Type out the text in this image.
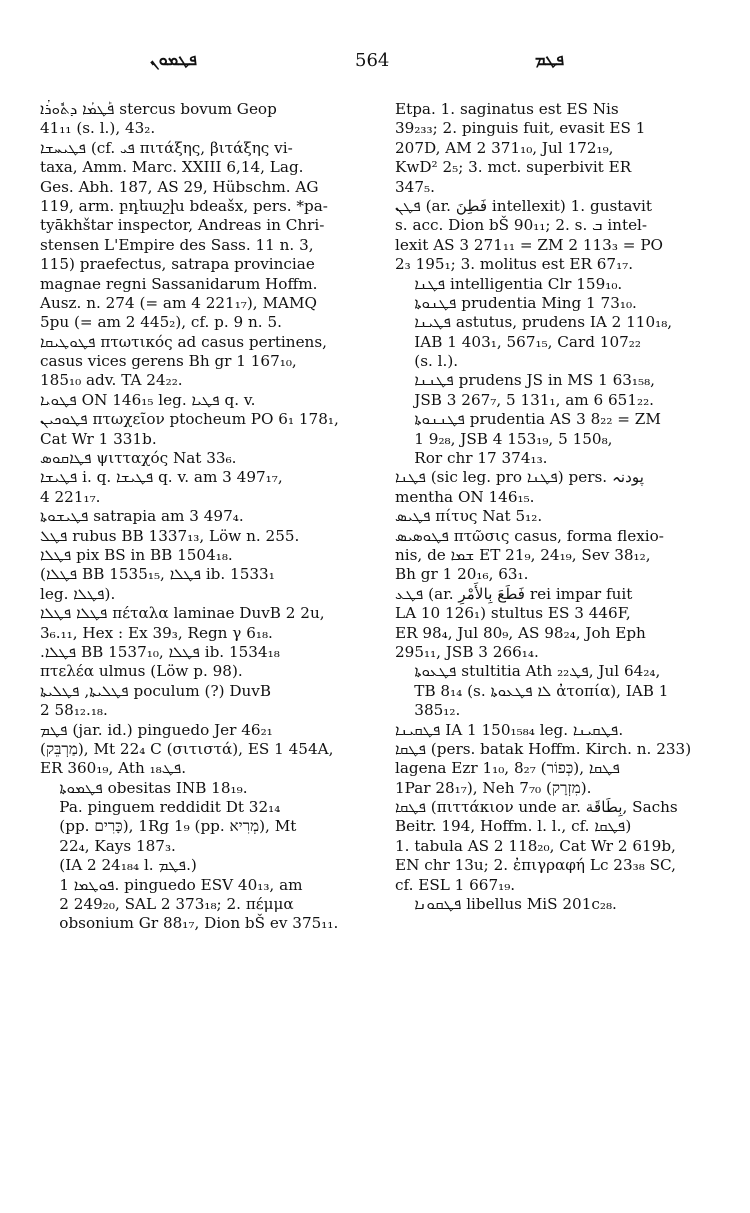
ܦܛܡܘܢ	564	ܦܛܡ
ܦܰܛܡܳܐ ܕܬܽܘܪܳܐ stercus bovum Geop
41₁₁ (s. l.), 43₂.
ܦܛܝܚܫܐ (cf. ܦܝ πιτάξης, βιτάξης vi-
taxa, Amm. Marc. XXIII 6,14, Lag.
Ges. Abh. 187, AS 29, Hübschm. AG
119, arm. բդեաշխ bdeašx, pers. *pa-
tyākhštar inspector, Andreas in Chri-
stensen L'Empire des Sass. 11 n. 3,
115) praefectus, satrapa provinciae
magnae regni Sassanidarum Hoffm.
Ausz. n. 274 (= am 4 221₁₇), MAMQ
5pu (= am 2 445₂), cf. p. 9 n. 5.
ܦܛܘܛܝܩܐ πτωτικός ad casus pertinens,
casus vices gerens Bh gr 1 167₁₀,
185₁₀ adv. TA 24₂₂.
ܦܛܘܝܐ ON 146₁₅ leg. ܦܛܝܐ q. v.
ܦܛܘܟܝܢ πτωχεῖον ptocheum PO 6₁ 178₁,
Cat Wr 1 331b.
ܦܛܐܩܘܣ ψιτταχός Nat 33₆.
ܦܛܝܫܐ i. q. ܦܛܝܫܐ q. v. am 3 497₁₇,
4 221₁₇.
ܦܛܝܫܘܬܐ satrapia am 3 497₄.
ܦܛܠ rubus BB 1337₁₃, Löw n. 255.
ܦܛܠܐ pix BS in BB 1504₁₈.
(ܦܛܠܐ BB 1535₁₅, ܦܛܠܐ ib. 1533₁
leg. ܦܛܠܐ).
ܦܛܠܐ ܦܛܠܐ πέταλα laminae DuvB 2 2u,
3₆.₁₁, Hex : Ex 39₃, Regn γ 6₁₈.
.ܦܛܠܐ BB 1537₁₀, ܦܛܠܐ ib. 1534₁₈
πτελέα ulmus (Löw p. 98).
ܦܛܠܝܬܐ, ܦܛܠܝܬܐ poculum (?) DuvB
2 58₁₂.₁₈.
ܦܛܡ (jar. id.) pinguedo Jer 46₂₁
(מַרְבֵּק), Mt 22₄ C (σιτιστά), ES 1 454A,
ER 360₁₉, Ath ܦܛ₁₈.
ܦܛܡܘܬܐ obesitas INB 18₁₉.
Pa. pinguem reddidit Dt 32₁₄
(pp. כָּרִים), 1Rg 1₉ (pp. מְרִיא), Mt
22₄, Kays 187₃.
(IA 2 24₁₈₄ l. ܦܛܡ.)
ܦܘܛܡܐ 1. pinguedo ESV 40₁₃, am
2 249₂₀, SAL 2 373₁₈; 2. πέμμα
obsonium Gr 88₁₇, Dion bŠ ev 375₁₁.
Etpa. 1. saginatus est ES Nis
39₂₃₃; 2. pinguis fuit, evasit ES 1
207D, AM 2 371₁₀, Jul 172₁₉,
KwD² 2₅; 3. mct. superbivit ER
347₅.
ܦܛܢ (ar. فَطِنَ intellexit) 1. gustavit
s. acc. Dion bŠ 90₁₁; 2. s. ܒ intel-
lexit AS 3 271₁₁ = ZM 2 113₃ = PO
2₃ 195₁; 3. molitus est ER 67₁₇.
ܦܛܢܐ intelligentia Clr 159₁₀.
ܦܛܢܘܬܐ prudentia Ming 1 73₁₀.
ܦܛܝܢܐ astutus, prudens IA 2 110₁₈,
IAB 1 403₁, 567₁₅, Card 107₂₂
(s. l.).
ܦܛܢܢܐ prudens JS in MS 1 63₁₅₈,
JSB 3 267₇, 5 131₁, am 6 651₂₂.
ܦܛܢܢܘܬܐ prudentia AS 3 8₂₂ = ZM
1 9₂₈, JSB 4 153₁₉, 5 150₈,
Ror chr 17 374₁₃.
ܦܛܢܐ (sic leg. pro ܦܛܢܐ) pers. پودنہ
mentha ON 146₁₅.
ܦܛܝܣ πίτυς Nat 5₁₂.
ܦܛܘܣܝܣ πτῶσις casus, forma flexio-
nis, de ܫܡܐ ET 21₉, 24₁₉, Sev 38₁₂,
Bh gr 1 20₁₆, 63₁.
ܦܛܥ (ar. فَطَعَ بِالأَمْرِ rei impar fuit
LA 10 126₁) stultus ES 3 446F,
ER 98₄, Jul 80₉, AS 98₂₄, Joh Eph
295₁₁, JSB 3 266₁₄.
ܦܛܥܘܬܐ stultitia Ath ܦܛ₂₂, Jul 64₂₄,
TB 8₁₄ (s. ܠܐ ܦܛܥܘܬܐ ἀτοπία), IAB 1
385₁₂.
ܦܛܩܝܢܐ IA 1 150₁₅₈₄ leg. ܦܛܩܝܢܐ.
ܦܛܩܐ (pers. batak Hoffm. Kirch. n. 233)
lagena Ezr 1₁₀, 8₂₇ (כְּפוֹר), ܦܛܩܐ
1Par 28₁₇), Neh 7₇₀ (מִזְרָק).
ܦܛܩܐ (πιττάκιον unde ar. بِطَاقَة, Sachs
Beitr. 194, Hoffm. l. l., cf. ܦܛܩܐ)
1. tabula AS 2 118₂₀, Cat Wr 2 619b,
EN chr 13u; 2. ἐπιγραφή Lc 23₃₈ SC,
cf. ESL 1 667₁₉.
ܦܛܩܘܢܐ libellus MiS 201c₂₈.
